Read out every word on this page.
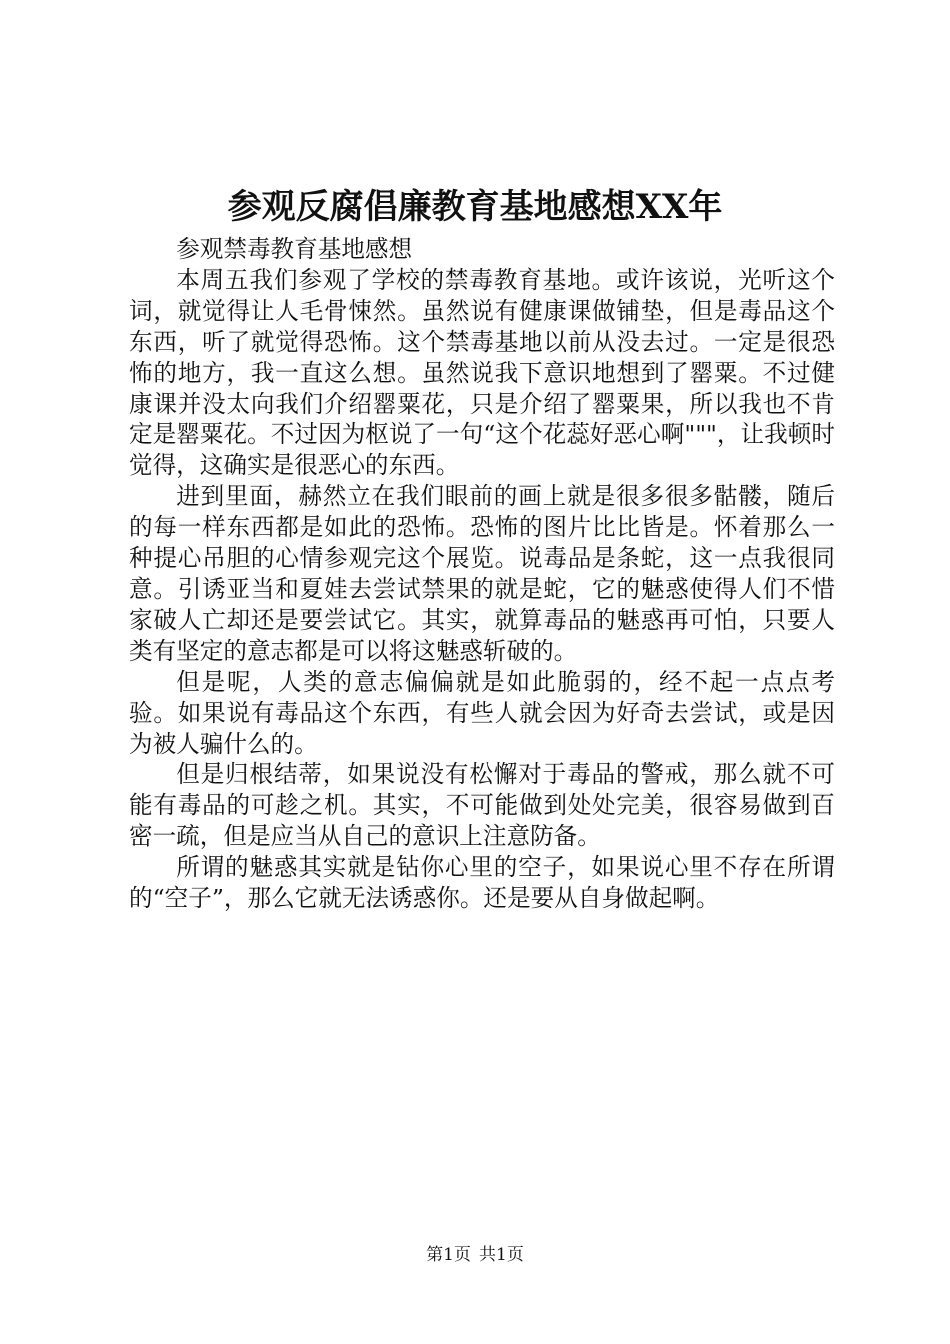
参观反腐倡廉教育基地感想XX年

参观禁毒教育基地感想

本周五我们参观了学校的禁毒教育基地。或许该说，光听这个词，就觉得让人毛骨悚然。虽然说有健康课做铺垫，但是毒品这个东西，听了就觉得恐怖。这个禁毒基地以前从没去过。一定是很恐怖的地方，我一直这么想。虽然说我下意识地想到了罂粟。不过健康课并没太向我们介绍罂粟花，只是介绍了罂粟果，所以我也不肯定是罂粟花。不过因为枢说了一句“这个花蕊好恶心啊"""，让我顿时觉得，这确实是很恶心的东西。

进到里面，赫然立在我们眼前的画上就是很多很多骷髅，随后的每一样东西都是如此的恐怖。恐怖的图片比比皆是。怀着那么一种提心吊胆的心情参观完这个展览。说毒品是条蛇，这一点我很同意。引诱亚当和夏娃去尝试禁果的就是蛇，它的魅惑使得人们不惜家破人亡却还是要尝试它。其实，就算毒品的魅惑再可怕，只要人类有坚定的意志都是可以将这魅惑斩破的。

但是呢，人类的意志偏偏就是如此脆弱的，经不起一点点考验。如果说有毒品这个东西，有些人就会因为好奇去尝试，或是因为被人骗什么的。

但是归根结蒂，如果说没有松懈对于毒品的警戒，那么就不可能有毒品的可趁之机。其实，不可能做到处处完美，很容易做到百密一疏，但是应当从自己的意识上注意防备。

所谓的魅惑其实就是钻你心里的空子，如果说心里不存在所谓的“空子”，那么它就无法诱惑你。还是要从自身做起啊。

第1页 共1页
